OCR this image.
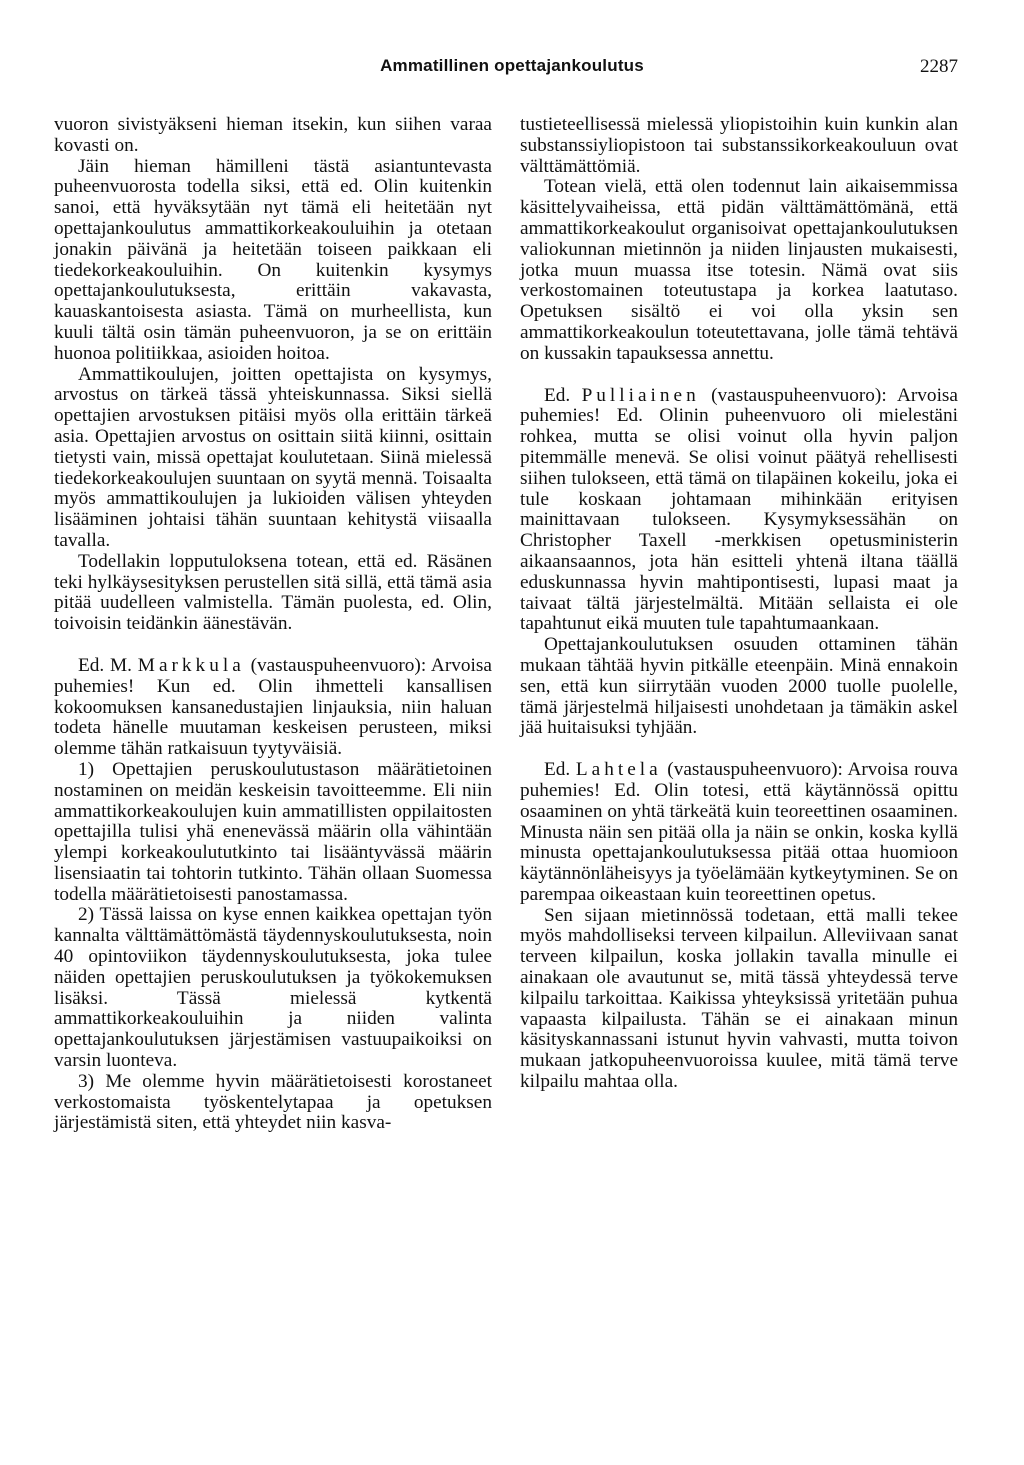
Ammatillinen opettajankoulutus	2287

vuoron sivistyäkseni hieman itsekin, kun siihen varaa kovasti on.

Jäin hieman hämilleni tästä asiantuntevasta puheenvuorosta todella siksi, että ed. Olin kuitenkin sanoi, että hyväksytään nyt tämä eli heitetään nyt opettajankoulutus ammattikorkeakouluihin ja otetaan jonakin päivänä ja heitetään toiseen paikkaan eli tiedekorkeakouluihin. On kuitenkin kysymys opettajankoulutuksesta, erittäin vakavasta, kauaskantoisesta asiasta. Tämä on murheellista, kun kuuli tältä osin tämän puheenvuoron, ja se on erittäin huonoa politiikkaa, asioiden hoitoa.

Ammattikoulujen, joitten opettajista on kysymys, arvostus on tärkeä tässä yhteiskunnassa. Siksi siellä opettajien arvostuksen pitäisi myös olla erittäin tärkeä asia. Opettajien arvostus on osittain siitä kiinni, osittain tietysti vain, missä opettajat koulutetaan. Siinä mielessä tiedekorkeakoulujen suuntaan on syytä mennä. Toisaalta myös ammattikoulujen ja lukioiden välisen yhteyden lisääminen johtaisi tähän suuntaan kehitystä viisaalla tavalla.

Todellakin lopputuloksena totean, että ed. Räsänen teki hylkäysesityksen perustellen sitä sillä, että tämä asia pitää uudelleen valmistella. Tämän puolesta, ed. Olin, toivoisin teidänkin äänestävän.

Ed. M. Markkula (vastauspuheenvuoro): Arvoisa puhemies! Kun ed. Olin ihmetteli kansallisen kokoomuksen kansanedustajien linjauksia, niin haluan todeta hänelle muutaman keskeisen perusteen, miksi olemme tähän ratkaisuun tyytyväisiä.

1) Opettajien peruskoulutustason määrätietoinen nostaminen on meidän keskeisin tavoitteemme. Eli niin ammattikorkeakoulujen kuin ammatillisten oppilaitosten opettajilla tulisi yhä enenevässä määrin olla vähintään ylempi korkeakoulututkinto tai lisääntyvässä määrin lisensiaatin tai tohtorin tutkinto. Tähän ollaan Suomessa todella määrätietoisesti panostamassa.

2) Tässä laissa on kyse ennen kaikkea opettajan työn kannalta välttämättömästä täydennyskoulutuksesta, noin 40 opintoviikon täydennyskoulutuksesta, joka tulee näiden opettajien peruskoulutuksen ja työkokemuksen lisäksi. Tässä mielessä kytkentä ammattikorkeakouluihin ja niiden valinta opettajankoulutuksen järjestämisen vastuupaikoiksi on varsin luonteva.

3) Me olemme hyvin määrätietoisesti korostaneet verkostomaista työskentelytapaa ja opetuksen järjestämistä siten, että yhteydet niin kasva-

tustieteellisessä mielessä yliopistoihin kuin kunkin alan substanssiyliopistoon tai substanssikorkeakouluun ovat välttämättömiä.

Totean vielä, että olen todennut lain aikaisemmissa käsittelyvaiheissa, että pidän välttämättömänä, että ammattikorkeakoulut organisoivat opettajankoulutuksen valiokunnan mietinnön ja niiden linjausten mukaisesti, jotka muun muassa itse totesin. Nämä ovat siis verkostomainen toteutustapa ja korkea laatutaso. Opetuksen sisältö ei voi olla yksin sen ammattikorkeakoulun toteutettavana, jolle tämä tehtävä on kussakin tapauksessa annettu.

Ed. Pulliainen (vastauspuheenvuoro): Arvoisa puhemies! Ed. Olinin puheenvuoro oli mielestäni rohkea, mutta se olisi voinut olla hyvin paljon pitemmälle menevä. Se olisi voinut päätyä rehellisesti siihen tulokseen, että tämä on tilapäinen kokeilu, joka ei tule koskaan johtamaan mihinkään erityisen mainittavaan tulokseen. Kysymyksessähän on Christopher Taxell -merkkisen opetusministerin aikaansaannos, jota hän esitteli yhtenä iltana täällä eduskunnassa hyvin mahtipontisesti, lupasi maat ja taivaat tältä järjestelmältä. Mitään sellaista ei ole tapahtunut eikä muuten tule tapahtumaankaan.

Opettajankoulutuksen osuuden ottaminen tähän mukaan tähtää hyvin pitkälle eteenpäin. Minä ennakoin sen, että kun siirrytään vuoden 2000 tuolle puolelle, tämä järjestelmä hiljaisesti unohdetaan ja tämäkin askel jää huitaisuksi tyhjään.

Ed. Lahtela (vastauspuheenvuoro): Arvoisa rouva puhemies! Ed. Olin totesi, että käytännössä opittu osaaminen on yhtä tärkeätä kuin teoreettinen osaaminen. Minusta näin sen pitää olla ja näin se onkin, koska kyllä minusta opettajankoulutuksessa pitää ottaa huomioon käytännönläheisyys ja työelämään kytkeytyminen. Se on parempaa oikeastaan kuin teoreettinen opetus.

Sen sijaan mietinnössä todetaan, että malli tekee myös mahdolliseksi terveen kilpailun. Alleviivaan sanat terveen kilpailun, koska jollakin tavalla minulle ei ainakaan ole avautunut se, mitä tässä yhteydessä terve kilpailu tarkoittaa. Kaikissa yhteyksissä yritetään puhua vapaasta kilpailusta. Tähän se ei ainakaan minun käsityskannassani istunut hyvin vahvasti, mutta toivon mukaan jatkopuheenvuoroissa kuulee, mitä tämä terve kilpailu mahtaa olla.
